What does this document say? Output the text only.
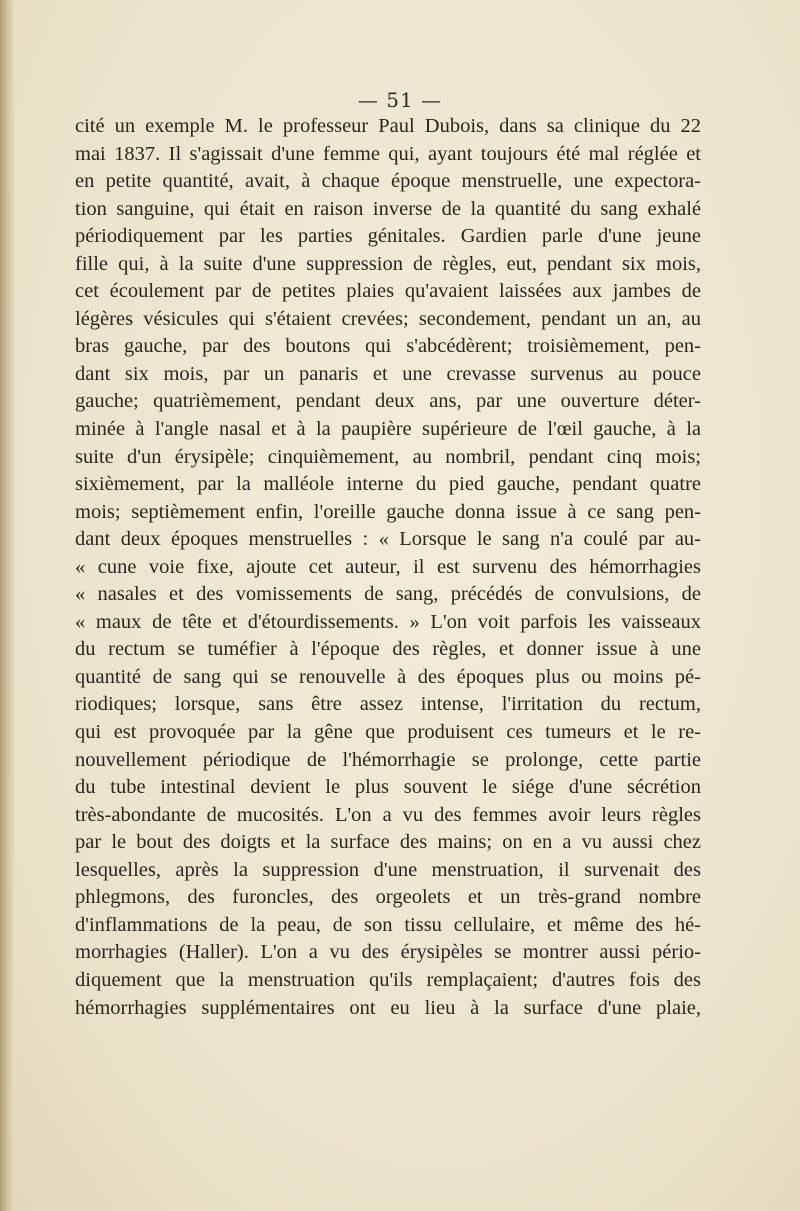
— 51 —
cité un exemple M. le professeur Paul Dubois, dans sa clinique du 22
mai 1837. Il s'agissait d'une femme qui, ayant toujours été mal réglée et
en petite quantité, avait, à chaque époque menstruelle, une expectora-
tion sanguine, qui était en raison inverse de la quantité du sang exhalé
périodiquement par les parties génitales. Gardien parle d'une jeune
fille qui, à la suite d'une suppression de règles, eut, pendant six mois,
cet écoulement par de petites plaies qu'avaient laissées aux jambes de
légères vésicules qui s'étaient crevées; secondement, pendant un an, au
bras gauche, par des boutons qui s'abcédèrent; troisièmement, pen-
dant six mois, par un panaris et une crevasse survenus au pouce
gauche; quatrièmement, pendant deux ans, par une ouverture déter-
minée à l'angle nasal et à la paupière supérieure de l'œil gauche, à la
suite d'un érysipèle; cinquièmement, au nombril, pendant cinq mois;
sixièmement, par la malléole interne du pied gauche, pendant quatre
mois; septièmement enfin, l'oreille gauche donna issue à ce sang pen-
dant deux époques menstruelles : « Lorsque le sang n'a coulé par au-
« cune voie fixe, ajoute cet auteur, il est survenu des hémorrhagies
« nasales et des vomissements de sang, précédés de convulsions, de
« maux de tête et d'étourdissements. » L'on voit parfois les vaisseaux
du rectum se tuméfier à l'époque des règles, et donner issue à une
quantité de sang qui se renouvelle à des époques plus ou moins pé-
riodiques; lorsque, sans être assez intense, l'irritation du rectum,
qui est provoquée par la gêne que produisent ces tumeurs et le re-
nouvellement périodique de l'hémorrhagie se prolonge, cette partie
du tube intestinal devient le plus souvent le siége d'une sécrétion
très-abondante de mucosités. L'on a vu des femmes avoir leurs règles
par le bout des doigts et la surface des mains; on en a vu aussi chez
lesquelles, après la suppression d'une menstruation, il survenait des
phlegmons, des furoncles, des orgeolets et un très-grand nombre
d'inflammations de la peau, de son tissu cellulaire, et même des hé-
morrhagies (Haller). L'on a vu des érysipèles se montrer aussi pério-
diquement que la menstruation qu'ils remplaçaient; d'autres fois des
hémorrhagies supplémentaires ont eu lieu à la surface d'une plaie,
